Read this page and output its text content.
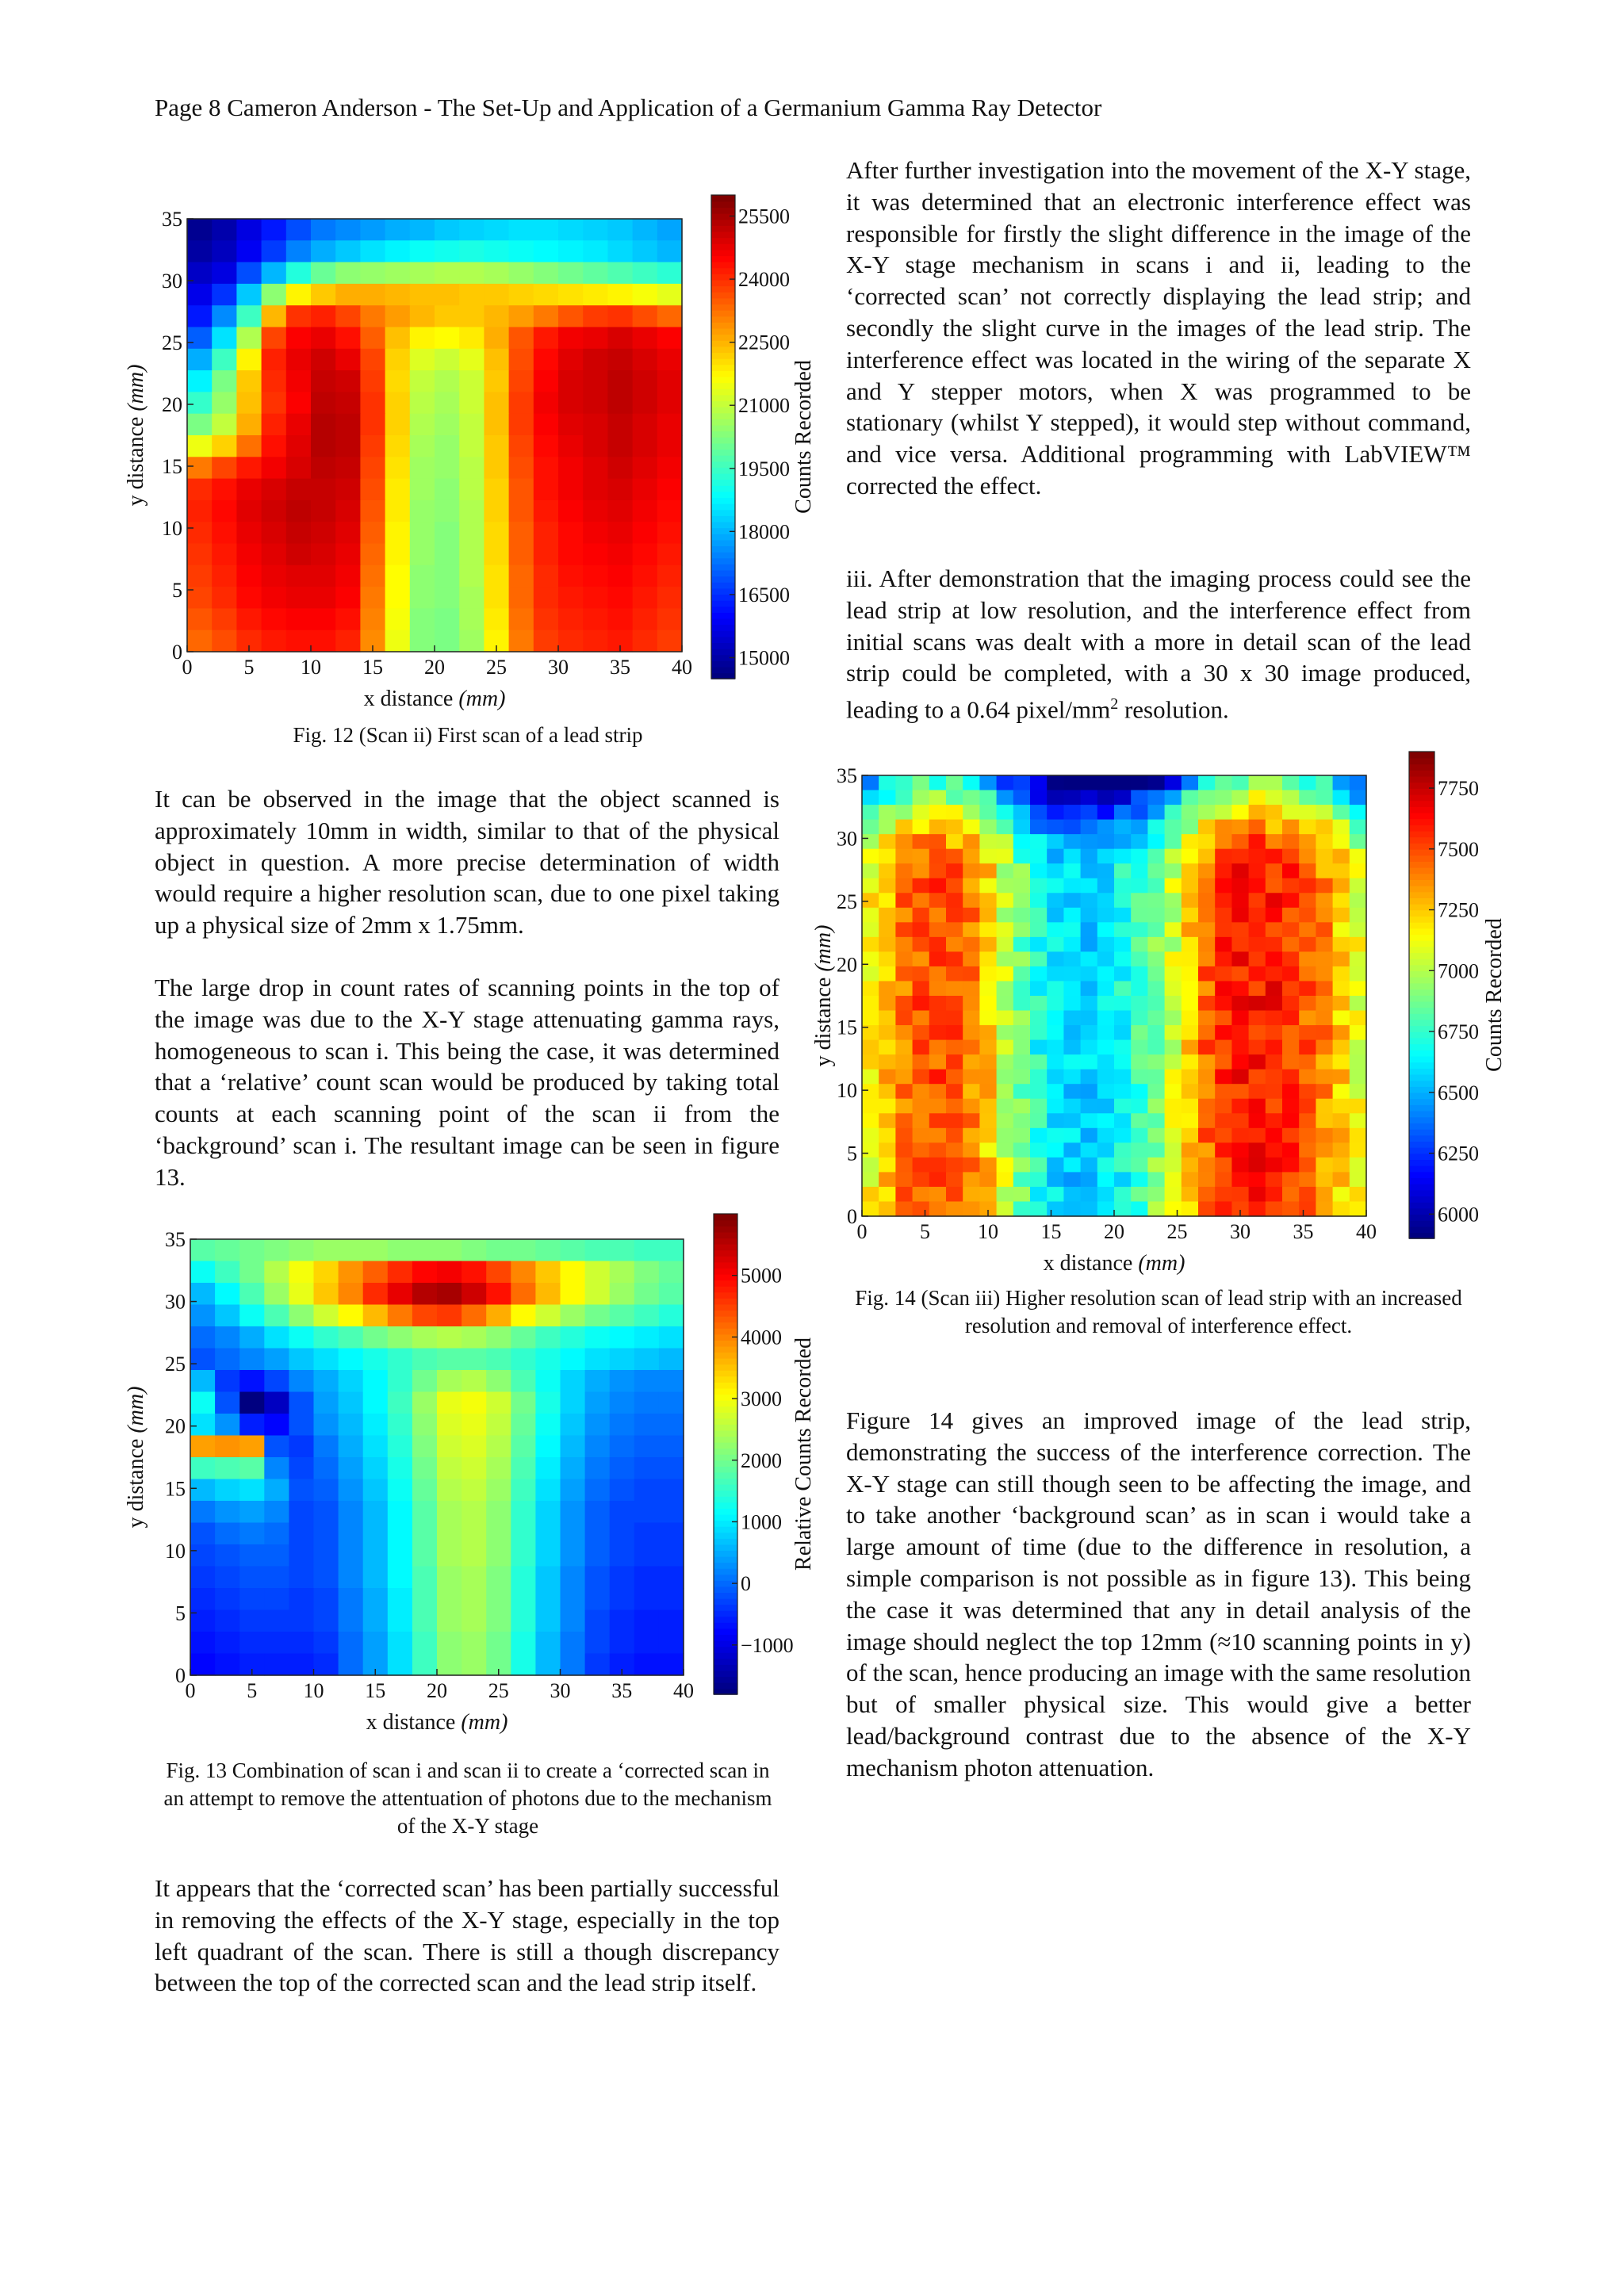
Page 8 Cameron Anderson - The Set-Up and Application of a Germanium Gamma Ray Detector
0	5 10 15 20 25 30 35 40
0
5
10
15
20
25
30
35
x distance (mm)
y distance (mm)
15000
16500
18000
19500
21000
22500
24000
25500
Counts Recorded

Fig. 12 (Scan ii) First scan of a lead strip

It can be observed in the image that the object scanned is approximately 10mm in width, similar to that of the physical object in question. A more precise determination of width would require a higher resolution scan, due to one pixel taking up a physical size of 2mm x 1.75mm.

The large drop in count rates of scanning points in the top of the image was due to the X-Y stage attenuating gamma rays, homogeneous to scan i. This being the case, it was determined that a ‘relative’ count scan would be produced by taking total counts at each scanning point of the scan ii from the ‘background’ scan i. The resultant image can be seen in figure 13.

0 5 10 15 20 25 30 35 40
0
5
10
15
20
25
30
35
x distance (mm)
y distance (mm)
−1000
0
1000
2000
3000
4000
5000
Relative Counts Recorded

Fig. 13 Combination of scan i and scan ii to create a ‘corrected scan in an attempt to remove the attentuation of photons due to the mechanism of the X-Y stage

It appears that the ‘corrected scan’ has been partially successful in removing the effects of the X-Y stage, especially in the top left quadrant of the scan. There is still a though discrepancy between the top of the corrected scan and the lead strip itself.

After further investigation into the movement of the X-Y stage, it was determined that an electronic interference effect was responsible for firstly the slight difference in the image of the X-Y stage mechanism in scans i and ii, leading to the ‘corrected scan’ not correctly displaying the lead strip; and secondly the slight curve in the images of the lead strip. The interference effect was located in the wiring of the separate X and Y stepper motors, when X was programmed to be stationary (whilst Y stepped), it would step without command, and vice versa. Additional programming with LabVIEW™ corrected the effect.

iii. After demonstration that the imaging process could see the lead strip at low resolution, and the interference effect from initial scans was dealt with a more in detail scan of the lead strip could be completed, with a 30 x 30 image produced, leading to a 0.64 pixel/$mm^2$ resolution.

0	5 10 15 20 25 30 35 40
0
5
10
15
20
25
30
35
x distance (mm)
y distance (mm)
6000
6250
6500
6750
7000
7250
7500
7750
Counts Recorded

Fig. 14 (Scan iii) Higher resolution scan of lead strip with an increased resolution and removal of interference effect.

Figure 14 gives an improved image of the lead strip, demonstrating the success of the interference correction. The X-Y stage can still though seen to be affecting the image, and to take another ‘background scan’ as in scan i would take a large amount of time (due to the difference in resolution, a simple comparison is not possible as in figure 13). This being the case it was determined that any in detail analysis of the image should neglect the top 12mm (≈10 scanning points in y) of the scan, hence producing an image with the same resolution but of smaller physical size. This would give a better lead/background contrast due to the absence of the X-Y mechanism photon attenuation.
